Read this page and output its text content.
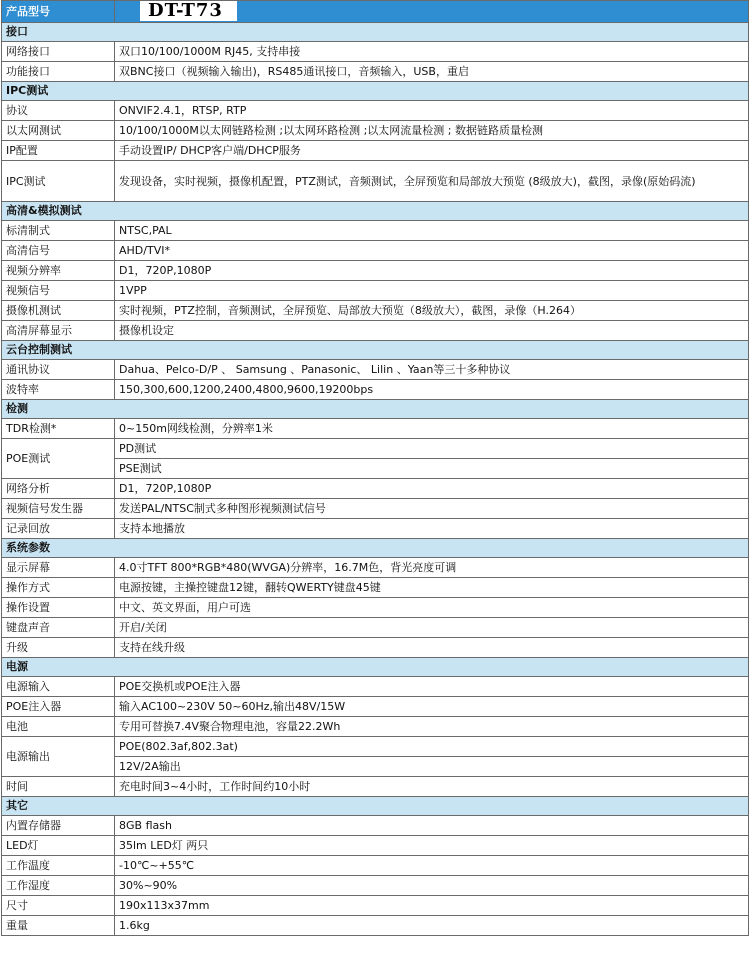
产品型号	DT-T73
接口	
网络接口	双口10/100/1000M RJ45, 支持串接
功能接口	双BNC接口（视频输入输出)，RS485通讯接口，音频输入，USB，重启
IPC测试	
协议	ONVIF2.4.1，RTSP, RTP
以太网测试	10/100/1000M以太网链路检测 ;以太网环路检测 ;以太网流量检测 ; 数据链路质量检测
IP配置	手动设置IP/ DHCP客户端/DHCP服务
IPC测试	发现设备，实时视频，摄像机配置，PTZ测试，音频测试，全屏预览和局部放大预览 (8级放大)，截图，录像(原始码流)
高清&模拟测试	
标清制式	NTSC,PAL
高清信号	AHD/TVI*
视频分辨率	D1，720P,1080P
视频信号	1VPP
摄像机测试	实时视频，PTZ控制，音频测试，全屏预览、局部放大预览（8级放大），截图，录像（H.264）
高清屏幕显示	摄像机设定
云台控制测试	
通讯协议	Dahua、Pelco-D/P 、 Samsung 、Panasonic、 Lilin 、Yaan等三十多种协议
波特率	150,300,600,1200,2400,4800,9600,19200bps
检测	
TDR检测*	0~150m网线检测，分辨率1米
POE测试	PD测试
	PSE测试
网络分析	D1，720P,1080P
视频信号发生器	发送PAL/NTSC制式多种图形视频测试信号
记录回放	支持本地播放
系统参数	
显示屏幕	4.0寸TFT 800*RGB*480(WVGA)分辨率，16.7M色，背光亮度可调
操作方式	电源按键，主操控键盘12键，翻转QWERTY键盘45键
操作设置	中文、英文界面，用户可选
键盘声音	开启/关闭
升级	支持在线升级
电源	
电源输入	POE交换机或POE注入器
POE注入器	输入AC100~230V 50~60Hz,输出48V/15W
电池	专用可替换7.4V聚合物理电池，容量22.2Wh
电源输出	POE(802.3af,802.3at)
	12V/2A输出
时间	充电时间3~4小时，工作时间约10小时
其它	
内置存储器	8GB flash
LED灯	35lm LED灯 两只
工作温度	-10℃~+55℃
工作湿度	30%~90%
尺寸	190x113x37mm
重量	1.6kg
